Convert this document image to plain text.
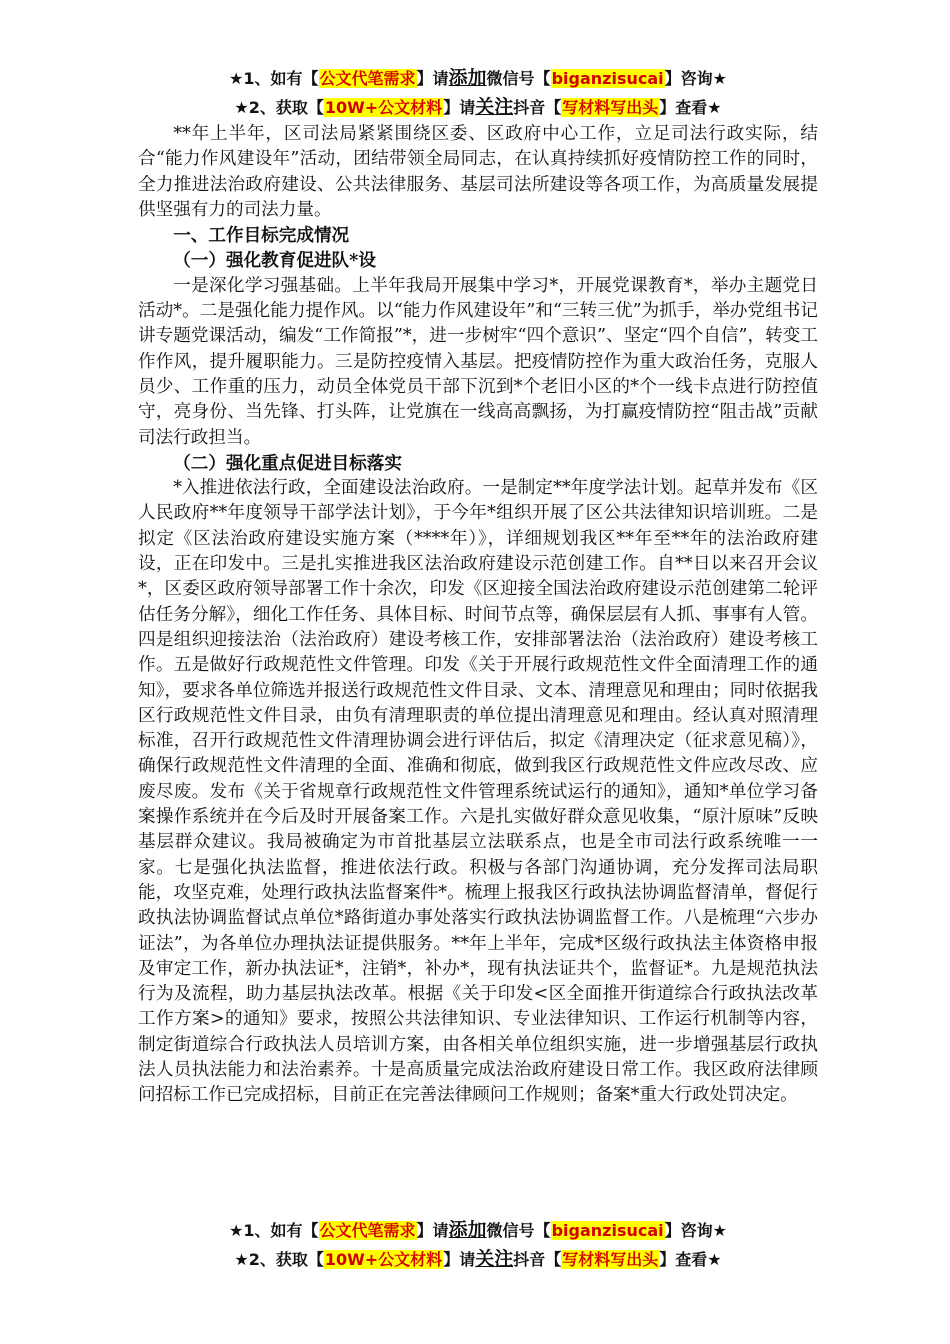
★1、如有【公文代笔需求】请添加微信号【biganzisucai】咨询★
★2、获取【10W+公文材料】请关注抖音【写材料写出头】查看★

**年上半年，区司法局紧紧围绕区委、区政府中心工作，立足司法行政实际，结合“能力作风建设年”活动，团结带领全局同志，在认真持续抓好疫情防控工作的同时，全力推进法治政府建设、公共法律服务、基层司法所建设等各项工作，为高质量发展提供坚强有力的司法力量。

一、工作目标完成情况

（一）强化教育促进队*设

一是深化学习强基础。上半年我局开展集中学习*，开展党课教育*，举办主题党日活动*。二是强化能力提作风。以“能力作风建设年”和“三转三优”为抓手，举办党组书记讲专题党课活动，编发“工作简报”*，进一步树牢“四个意识”、坚定“四个自信”，转变工作作风，提升履职能力。三是防控疫情入基层。把疫情防控作为重大政治任务，克服人员少、工作重的压力，动员全体党员干部下沉到*个老旧小区的*个一线卡点进行防控值守，亮身份、当先锋、打头阵，让党旗在一线高高飘扬，为打赢疫情防控“阻击战”贡献司法行政担当。

（二）强化重点促进目标落实

*入推进依法行政，全面建设法治政府。一是制定**年度学法计划。起草并发布《区人民政府**年度领导干部学法计划》，于今年*组织开展了区公共法律知识培训班。二是拟定《区法治政府建设实施方案（****年）》，详细规划我区**年至**年的法治政府建设，正在印发中。三是扎实推进我区法治政府建设示范创建工作。自**日以来召开会议*，区委区政府领导部署工作十余次，印发《区迎接全国法治政府建设示范创建第二轮评估任务分解》，细化工作任务、具体目标、时间节点等，确保层层有人抓、事事有人管。四是组织迎接法治（法治政府）建设考核工作，安排部署法治（法治政府）建设考核工作。五是做好行政规范性文件管理。印发《关于开展行政规范性文件全面清理工作的通知》，要求各单位筛选并报送行政规范性文件目录、文本、清理意见和理由；同时依据我区行政规范性文件目录，由负有清理职责的单位提出清理意见和理由。经认真对照清理标准，召开行政规范性文件清理协调会进行评估后，拟定《清理决定（征求意见稿）》，确保行政规范性文件清理的全面、准确和彻底，做到我区行政规范性文件应改尽改、应废尽废。发布《关于省规章行政规范性文件管理系统试运行的通知》，通知*单位学习备案操作系统并在今后及时开展备案工作。六是扎实做好群众意见收集，“原汁原味”反映基层群众建议。我局被确定为市首批基层立法联系点，也是全市司法行政系统唯一一家。七是强化执法监督，推进依法行政。积极与各部门沟通协调，充分发挥司法局职能，攻坚克难，处理行政执法监督案件*。梳理上报我区行政执法协调监督清单，督促行政执法协调监督试点单位*路街道办事处落实行政执法协调监督工作。八是梳理“六步办证法”，为各单位办理执法证提供服务。**年上半年，完成*区级行政执法主体资格申报及审定工作，新办执法证*，注销*，补办*，现有执法证共个，监督证*。九是规范执法行为及流程，助力基层执法改革。根据《关于印发<区全面推开街道综合行政执法改革工作方案>的通知》要求，按照公共法律知识、专业法律知识、工作运行机制等内容，制定街道综合行政执法人员培训方案，由各相关单位组织实施，进一步增强基层行政执法人员执法能力和法治素养。十是高质量完成法治政府建设日常工作。我区政府法律顾问招标工作已完成招标，目前正在完善法律顾问工作规则；备案*重大行政处罚决定。

★1、如有【公文代笔需求】请添加微信号【biganzisucai】咨询★
★2、获取【10W+公文材料】请关注抖音【写材料写出头】查看★
